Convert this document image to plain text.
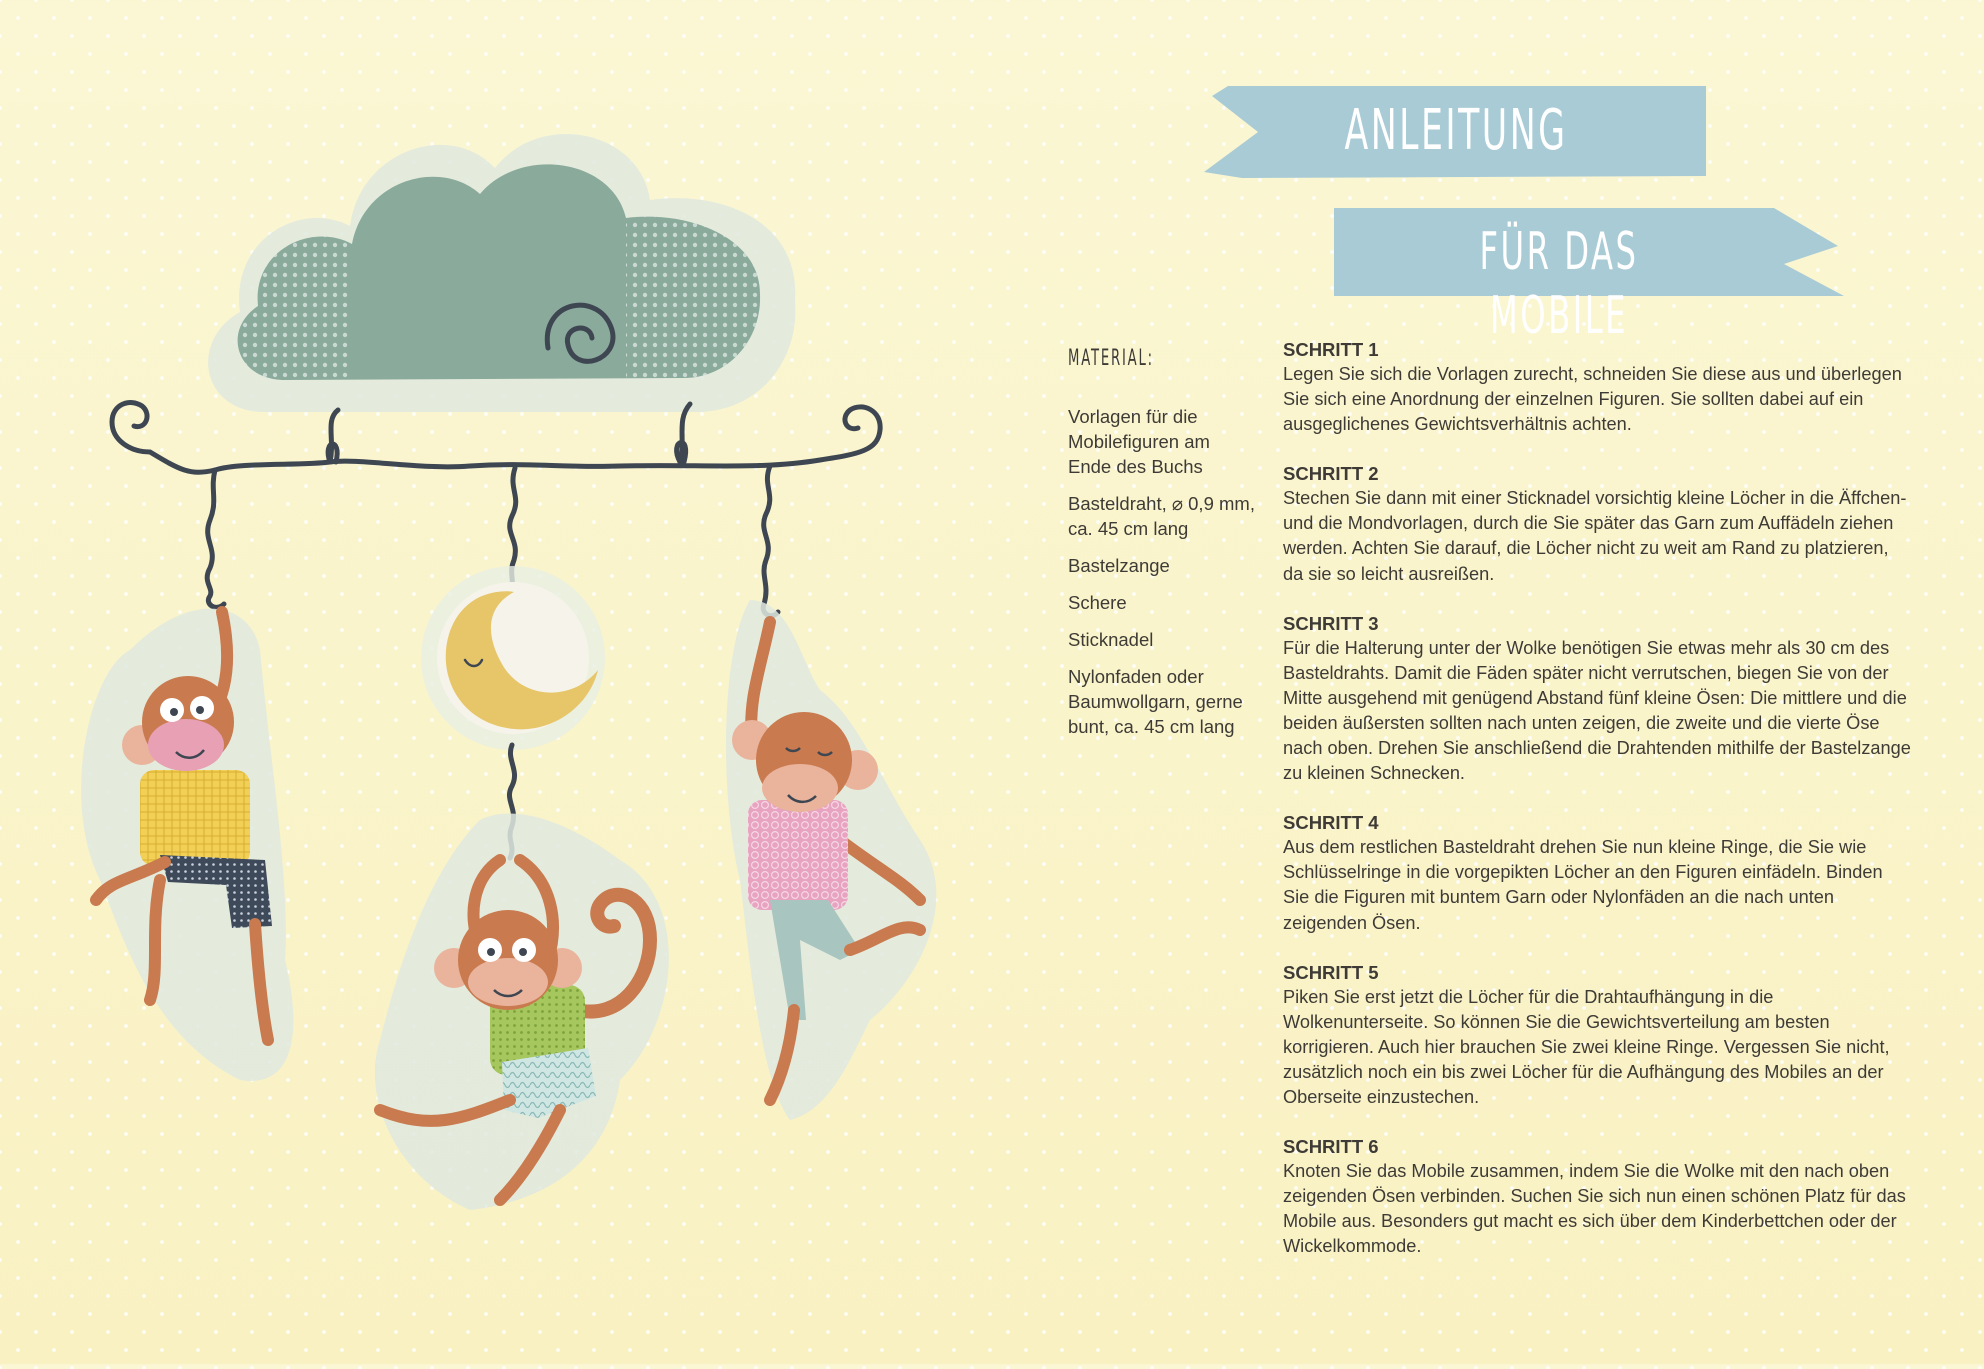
ANLEITUNG
FÜR DAS MOBILE
MATERIAL:
Vorlagen für die Mobilefiguren am Ende des Buchs
Basteldraht, ⌀ 0,9 mm, ca. 45 cm lang
Bastelzange
Schere
Sticknadel
Nylonfaden oder Baumwollgarn, gerne bunt, ca. 45 cm lang
SCHRITT 1
Legen Sie sich die Vorlagen zurecht, schneiden Sie diese aus und überlegen Sie sich eine Anordnung der einzelnen Figuren. Sie sollten dabei auf ein ausgeglichenes Gewichtsverhältnis achten.
SCHRITT 2
Stechen Sie dann mit einer Sticknadel vorsichtig kleine Löcher in die Äffchen- und die Mondvorlagen, durch die Sie später das Garn zum Auffädeln ziehen werden. Achten Sie darauf, die Löcher nicht zu weit am Rand zu platzieren, da sie so leicht ausreißen.
SCHRITT 3
Für die Halterung unter der Wolke benötigen Sie etwas mehr als 30 cm des Basteldrahts. Damit die Fäden später nicht verrutschen, biegen Sie von der Mitte ausgehend mit genügend Abstand fünf kleine Ösen: Die mittlere und die beiden äußersten sollten nach unten zeigen, die zweite und die vierte Öse nach oben. Drehen Sie anschließend die Drahtenden mithilfe der Bastelzange zu kleinen Schnecken.
SCHRITT 4
Aus dem restlichen Basteldraht drehen Sie nun kleine Ringe, die Sie wie Schlüsselringe in die vorgepikten Löcher an den Figuren einfädeln. Binden Sie die Figuren mit buntem Garn oder Nylonfäden an die nach unten zeigenden Ösen.
SCHRITT 5
Piken Sie erst jetzt die Löcher für die Drahtaufhängung in die Wolkenunterseite. So können Sie die Gewichtsverteilung am besten korrigieren. Auch hier brauchen Sie zwei kleine Ringe. Vergessen Sie nicht, zusätzlich noch ein bis zwei Löcher für die Aufhängung des Mobiles an der Oberseite einzustechen.
SCHRITT 6
Knoten Sie das Mobile zusammen, indem Sie die Wolke mit den nach oben zeigenden Ösen verbinden. Suchen Sie sich nun einen schönen Platz für das Mobile aus. Besonders gut macht es sich über dem Kinderbettchen oder der Wickelkommode.
